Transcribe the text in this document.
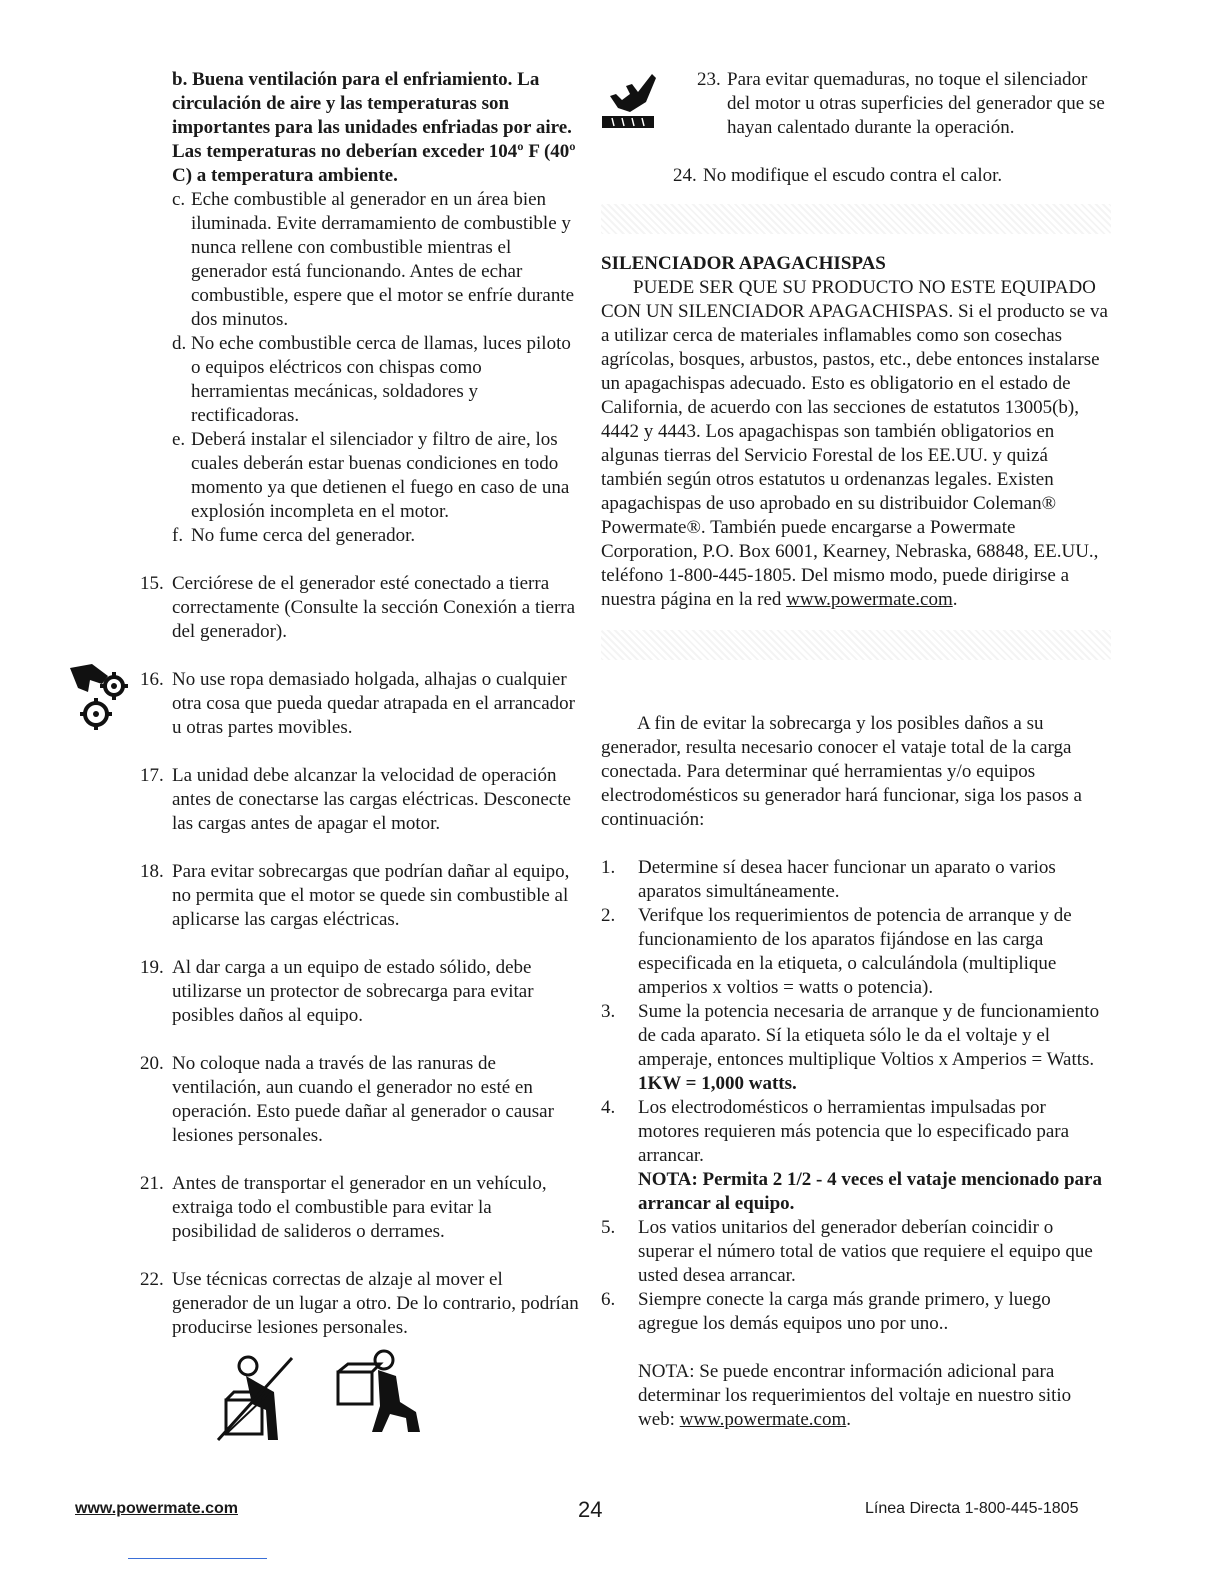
b. Buena ventilación para el enfriamiento. La circulación de aire y las temperaturas son importantes para las unidades enfriadas por aire. Las temperaturas no deberían exceder 104º F (40º C) a temperatura ambiente.
c. Eche combustible al generador en un área bien iluminada. Evite derramamiento de combustible y nunca rellene con combustible mientras el generador está funcionando. Antes de echar combustible, espere que el motor se enfríe durante dos minutos.
d. No eche combustible cerca de llamas, luces piloto o equipos eléctricos con chispas como herramientas mecánicas, soldadores y rectificadoras.
e. Deberá instalar el silenciador y filtro de aire, los cuales deberán estar buenas condiciones en todo momento ya que detienen el fuego en caso de una explosión incompleta en el motor.
f. No fume cerca del generador.
15. Cerciórese de el generador esté conectado a tierra correctamente (Consulte la sección Conexión a tierra del generador).
16. No use ropa demasiado holgada, alhajas o cualquier otra cosa que pueda quedar atrapada en el arrancador u otras partes movibles.
17. La unidad debe alcanzar la velocidad de operación antes de conectarse las cargas eléctricas. Desconecte las cargas antes de apagar el motor.
18. Para evitar sobrecargas que podrían dañar al equipo, no permita que el motor se quede sin combustible al aplicarse las cargas eléctricas.
19. Al dar carga a un equipo de estado sólido, debe utilizarse un protector de sobrecarga para evitar posibles daños al equipo.
20. No coloque nada a través de las ranuras de ventilación, aun cuando el generador no esté en operación. Esto puede dañar al generador o causar lesiones personales.
21. Antes de transportar el generador en un vehículo, extraiga todo el combustible para evitar la posibilidad de salideros o derrames.
22. Use técnicas correctas de alzaje al mover el generador de un lugar a otro. De lo contrario, podrían producirse lesiones personales.
23. Para evitar quemaduras, no toque el silenciador del motor u otras superficies del generador que se hayan calentado durante la operación.
24. No modifique el escudo contra el calor.
SILENCIADOR APAGACHISPAS
PUEDE SER QUE SU PRODUCTO NO ESTE EQUIPADO CON UN SILENCIADOR APAGACHISPAS. Si el producto se va a utilizar cerca de materiales inflamables como son cosechas agrícolas, bosques, arbustos, pastos, etc., debe entonces instalarse un apagachispas adecuado. Esto es obligatorio en el estado de California, de acuerdo con las secciones de estatutos 13005(b), 4442 y 4443. Los apagachispas son también obligatorios en algunas tierras del Servicio Forestal de los EE.UU. y quizá también según otros estatutos u ordenanzas legales. Existen apagachispas de uso aprobado en su distribuidor Coleman® Powermate®. También puede encargarse a Powermate Corporation, P.O. Box 6001, Kearney, Nebraska, 68848, EE.UU., teléfono 1-800-445-1805. Del mismo modo, puede dirigirse a nuestra página en la red www.powermate.com.
A fin de evitar la sobrecarga y los posibles daños a su generador, resulta necesario conocer el vataje total de la carga conectada. Para determinar qué herramientas y/o equipos electrodomésticos su generador hará funcionar, siga los pasos a continuación:
1.	Determine sí desea hacer funcionar un aparato o varios aparatos simultáneamente.
2.	Verifque los requerimientos de potencia de arranque y de funcionamiento de los aparatos fijándose en las carga especificada en la etiqueta, o calculándola (multiplique amperios x voltios = watts o potencia).
3.	Sume la potencia necesaria de arranque y de funcionamiento de cada aparato. Sí la etiqueta sólo le da el voltaje y el amperaje, entonces multiplique Voltios x Amperios = Watts. 1KW = 1,000 watts.
4.	Los electrodomésticos o herramientas impulsadas por motores requieren más potencia que lo especificado para arrancar.
NOTA: Permita 2 1/2 - 4 veces el vataje mencionado para arrancar al equipo.
5.	Los vatios unitarios del generador deberían coincidir o superar el número total de vatios que requiere el equipo que usted desea arrancar.
6.	Siempre conecte la carga más grande primero, y luego agregue los demás equipos uno por uno..
NOTA: Se puede encontrar información adicional para determinar los requerimientos del voltaje en nuestro sitio web: www.powermate.com.
www.powermate.com	24	Línea Directa 1-800-445-1805
